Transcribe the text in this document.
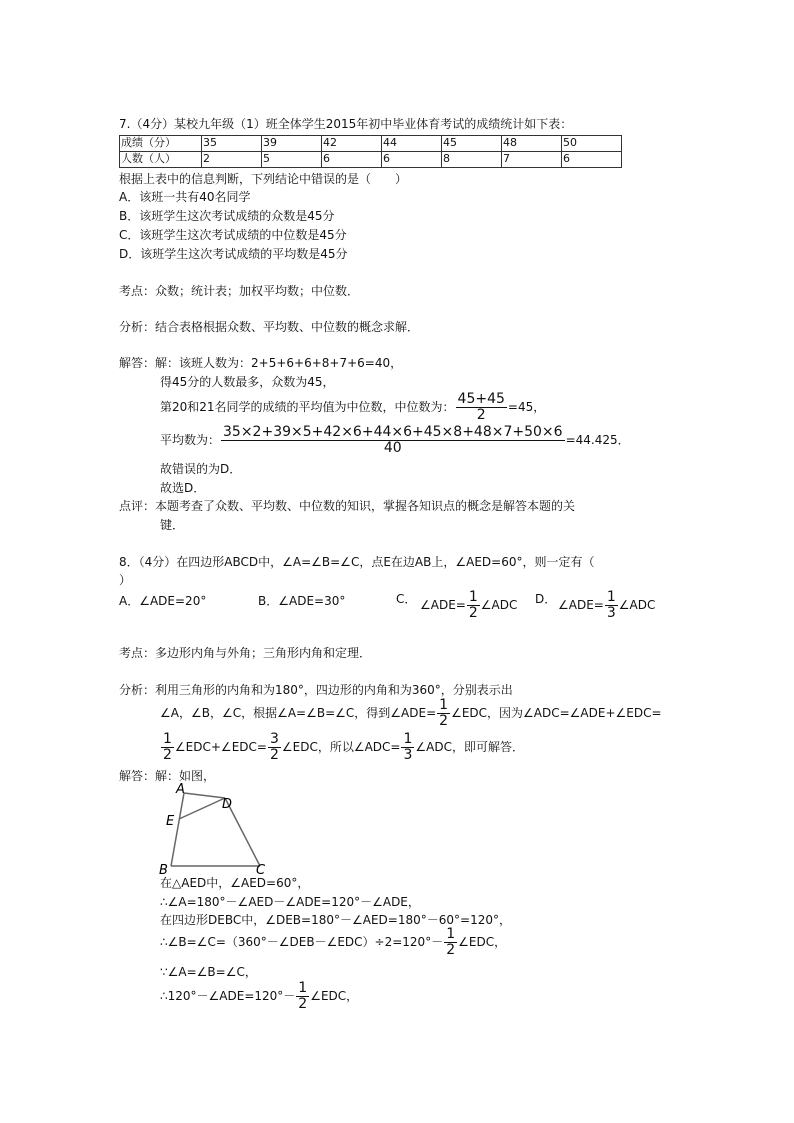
7.（4分）某校九年级（1）班全体学生2015年初中毕业体育考试的成绩统计如下表：
成绩（分）	35	39	42	44	45	48	50
人数（人）	2	5	6	6	8	7	6
根据上表中的信息判断，下列结论中错误的是（　　）
A．该班一共有40名同学
B．该班学生这次考试成绩的众数是45分
C．该班学生这次考试成绩的中位数是45分
D．该班学生这次考试成绩的平均数是45分
考点：众数；统计表；加权平均数；中位数．
分析：结合表格根据众数、平均数、中位数的概念求解．
解答：解：该班人数为：2+5+6+6+8+7+6=40，
得45分的人数最多，众数为45，
第20和21名同学的成绩的平均值为中位数，中位数为： $\frac{45+45}{2} =45$，
平均数为： $\frac{35\times 2+39\times 5+42\times 6+44\times 6+45\times 8+48\times 7+50\times 6}{40} =44.425$．
故错误的为D．
故选D．
点评：本题考查了众数、平均数、中位数的知识，掌握各知识点的概念是解答本题的关
键．
8．（4分）在四边形ABCD中，∠A=∠B=∠C，点E在边AB上，∠AED=60°，则一定有（
）
A．∠ADE=20°	B．∠ADE=30°	C． ∠ADE= $\frac{1}{2}$ ∠ADC D． ∠ADE= $\frac{1}{3}$ ∠ADC
考点：多边形内角与外角；三角形内角和定理．
分析：利用三角形的内角和为180°，四边形的内角和为360°，分别表示出
∠A，∠B，∠C，根据∠A=∠B=∠C，得到∠ADE= $\frac{1}{2}$ ∠EDC，因为∠ADC=∠ADE+∠EDC=
$\frac{1}{2}$ ∠EDC+∠EDC= $\frac{3}{2}$ ∠EDC，所以∠ADC= $\frac{1}{3}$ ∠ADC，即可解答．
解答：解：如图，
A
D
E
B	C
在△AED中，∠AED=60°，
∴∠A=180°－∠AED－∠ADE=120°－∠ADE，
在四边形DEBC中，∠DEB=180°－∠AED=180°－60°=120°，
∴∠B=∠C=（360°－∠DEB－∠EDC）÷2=120°－ $\frac{1}{2}$ ∠EDC，
∵∠A=∠B=∠C，
∴120°－∠ADE=120°－ $\frac{1}{2}$ ∠EDC，
